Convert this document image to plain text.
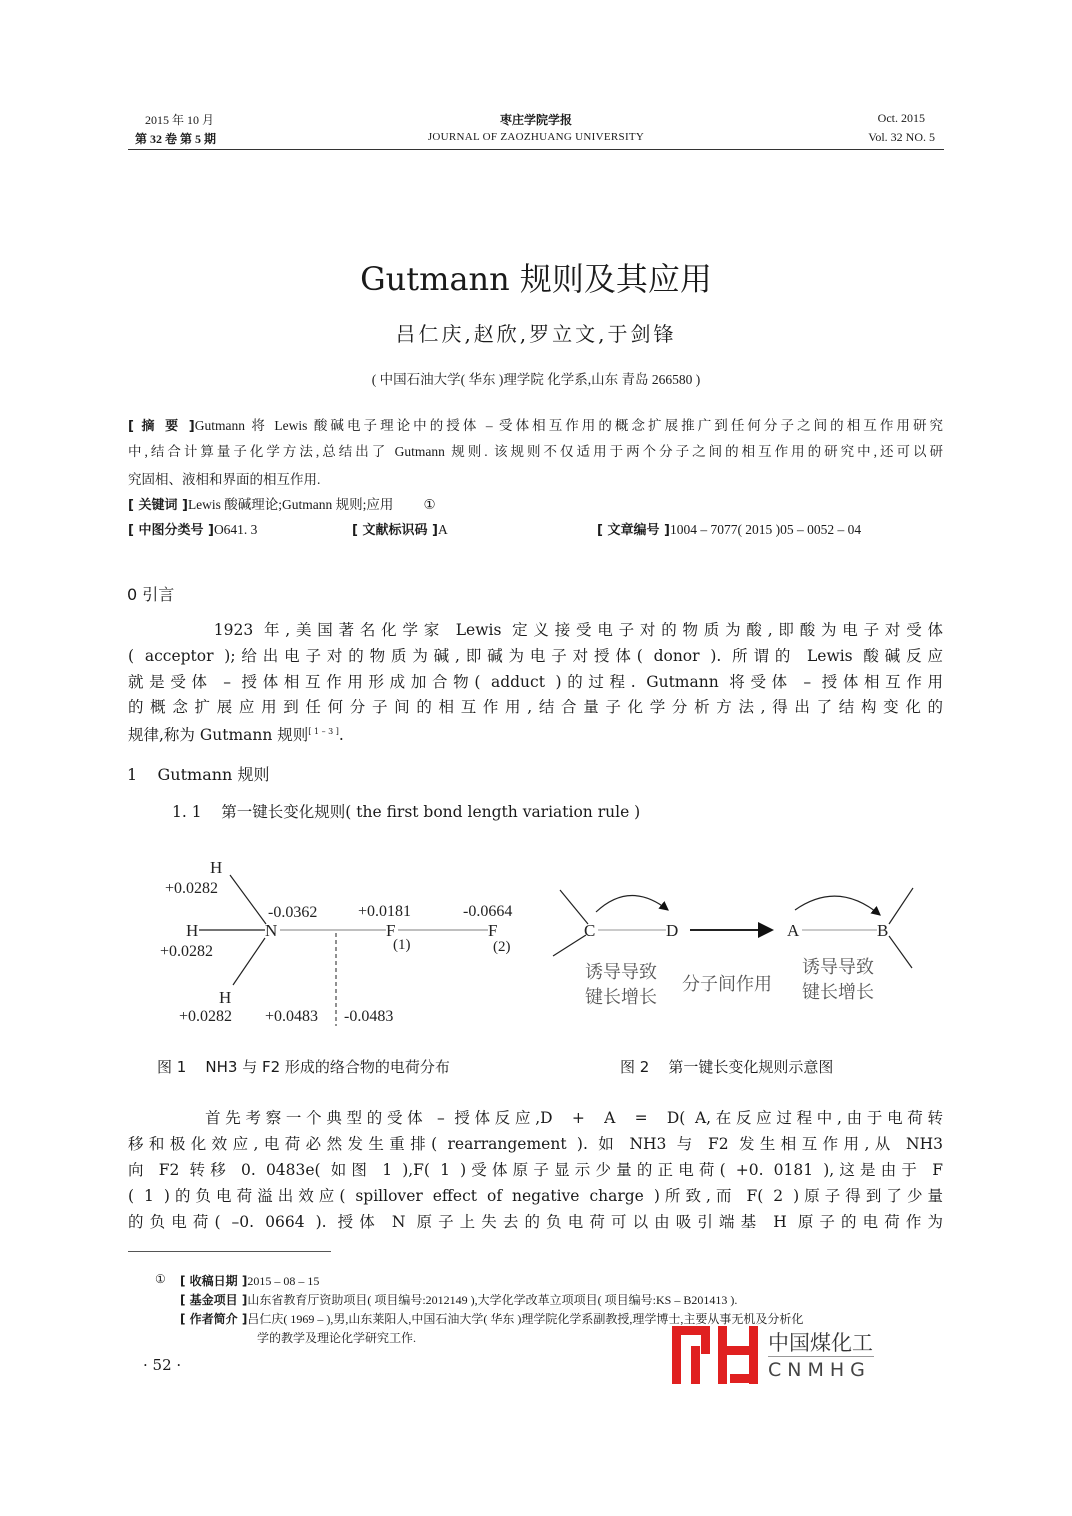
2015 年 10 月
第 32 卷 第 5 期
枣庄学院学报
JOURNAL OF ZAOZHUANG UNIVERSITY
Oct. 2015
Vol. 32 NO. 5
Gutmann 规则及其应用
吕仁庆,赵欣,罗立文,于剑锋
( 中国石油大学( 华东 )理学院 化学系,山东 青岛 266580 )
[ 摘 要 ]Gutmann 将 Lewis 酸碱电子理论中的授体 – 受体相互作用的概念扩展推广到任何分子之间的相互作用研究
中,结合计算量子化学方法,总结出了 Gutmann 规则. 该规则不仅适用于两个分子之间的相互作用的研究中,还可以研
究固相、液相和界面的相互作用.
[ 关键词 ]Lewis 酸碱理论;Gutmann 规则;应用 ①
[ 中图分类号 ]O641. 3	[ 文献标识码 ]A	[ 文章编号 ]1004 – 7077( 2015 )05 – 0052 – 04
0 引言
1923 年,美国著名化学家 Lewis 定义接受电子对的物质为酸,即酸为电子对受体
( acceptor );给出电子对的物质为碱,即碱为电子对授体( donor ). 所谓的 Lewis 酸碱反应
就是受体 – 授体相互作用形成加合物( adduct )的过程. Gutmann 将受体 – 授体相互作用
的概念扩展应用到任何分子间的相互作用,结合量子化学分析方法,得出了结构变化的
规律,称为 Gutmann 规则[ 1 – 3 ].
1    Gutmann 规则
1. 1    第一键长变化规则( the first bond length variation rule )
H
H
H
N	F
(1)
F
(2)
+0.0282
+0.0282
+0.0282
-0.0362	+0.0181	-0.0664
+0.0483 -0.0483
C	D	A	B
诱导导致
键长增长
分子间作用
诱导导致
键长增长
图 1    NH3 与 F2 形成的络合物的电荷分布	图 2    第一键长变化规则示意图
首先考察一个典型的受体 – 授体反应,D  +  A  =  D( A,在反应过程中,由于电荷转
移和极化效应,电荷必然发生重排( rearrangement ). 如 NH3 与 F2 发生相互作用,从 NH3
向 F2 转移 0. 0483e( 如图 1 ),F( 1 )受体原子显示少量的正电荷( +0. 0181 ),这是由于 F
( 1 )的负电荷溢出效应( spillover effect of negative charge )所致,而 F( 2 )原子得到了少量
的负电荷( –0. 0664 ). 授体 N 原子上失去的负电荷可以由吸引端基 H 原子的电荷作为
① [ 收稿日期 ]2015 – 08 – 15
[ 基金项目 ]山东省教育厅资助项目( 项目编号:2012149 ),大学化学改革立项项目( 项目编号:KS – B201413 ).
[ 作者简介 ]吕仁庆( 1969 – ),男,山东莱阳人,中国石油大学( 华东 )理学院化学系副教授,理学博士,主要从事无机及分析化
学的教学及理论化学研究工作.
· 52 ·
中国煤化工
CNMHG
